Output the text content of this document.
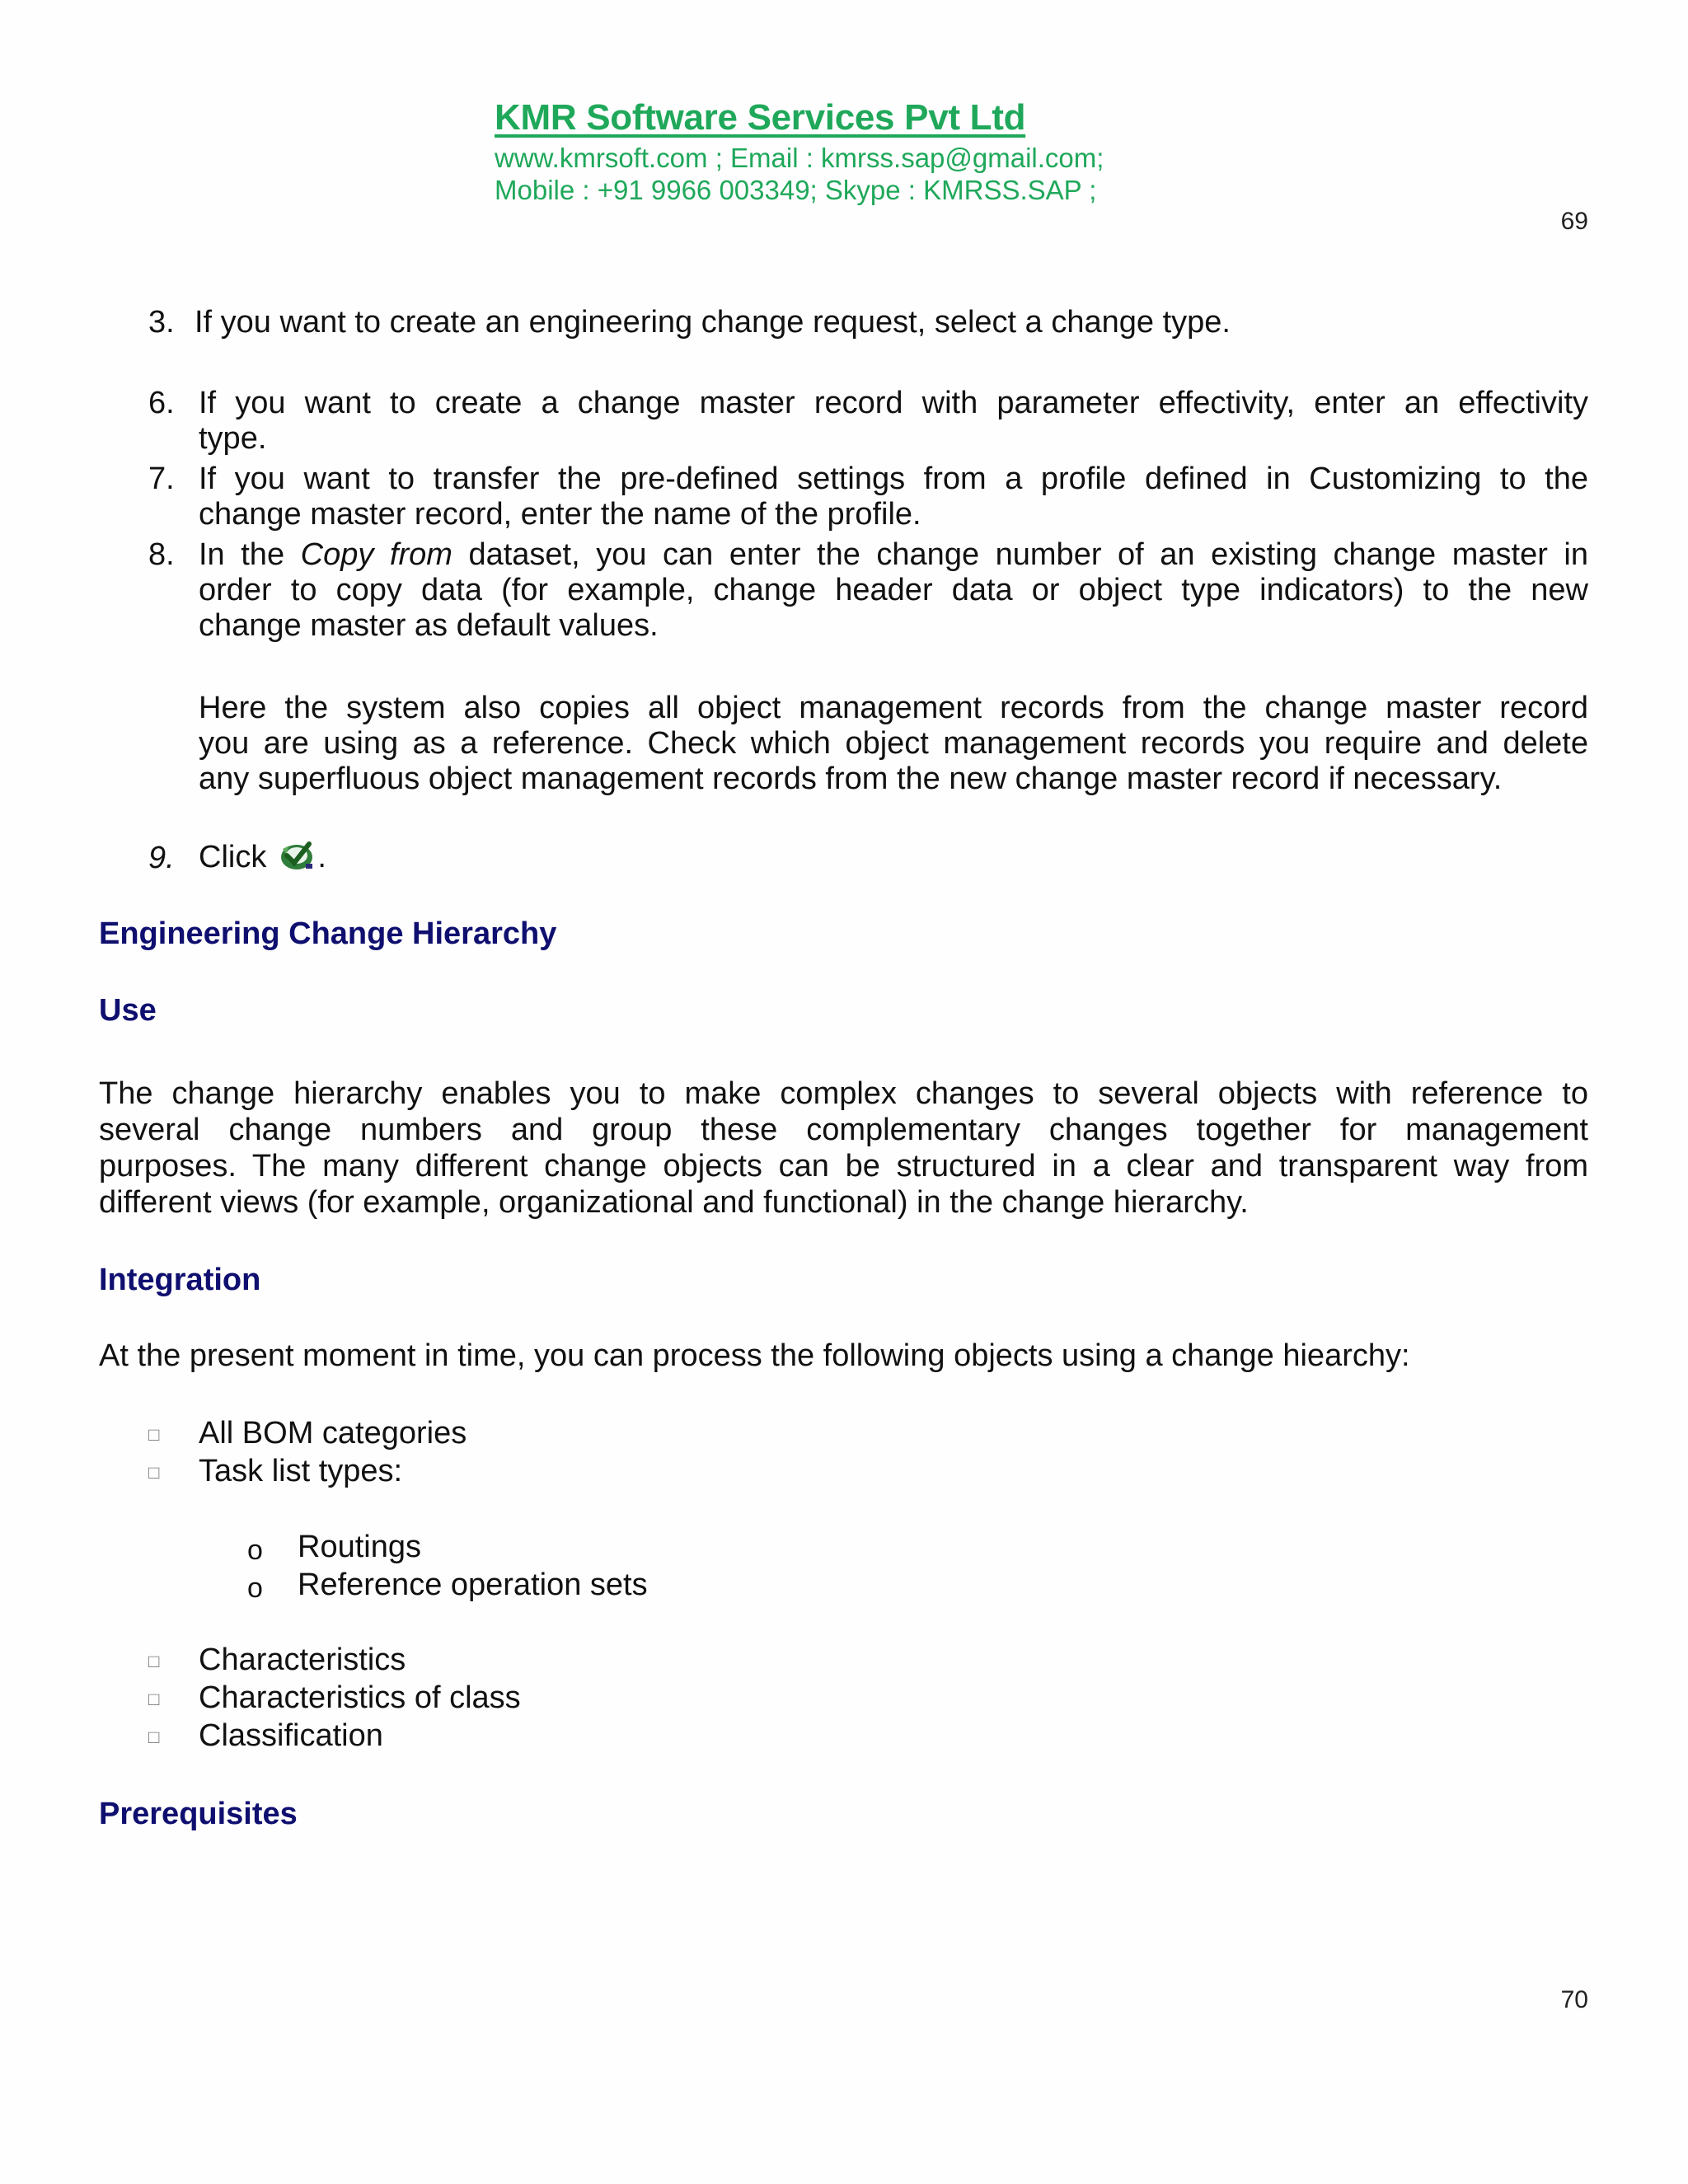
KMR Software Services Pvt Ltd
www.kmrsoft.com ; Email : kmrss.sap@gmail.com;
Mobile : +91 9966 003349; Skype : KMRSS.SAP ;
69
3. If you want to create an engineering change request, select a change type.
6. If you want to create a change master record with parameter effectivity, enter an effectivity
type.
7. If you want to transfer the pre-defined settings from a profile defined in Customizing to the
change master record, enter the name of the profile.
8. In the Copy from dataset, you can enter the change number of an existing change master in
order to copy data (for example, change header data or object type indicators) to the new
change master as default values.
Here the system also copies all object management records from the change master record
you are using as a reference. Check which object management records you require and delete
any superfluous object management records from the new change master record if necessary.
9. Click .
Engineering Change Hierarchy
Use
The change hierarchy enables you to make complex changes to several objects with reference to
several change numbers and group these complementary changes together for management
purposes. The many different change objects can be structured in a clear and transparent way from
different views (for example, organizational and functional) in the change hierarchy.
Integration
At the present moment in time, you can process the following objects using a change hiearchy:
□ All BOM categories
□ Task list types:
o Routings
o Reference operation sets
□ Characteristics
□ Characteristics of class
□ Classification
Prerequisites
70
